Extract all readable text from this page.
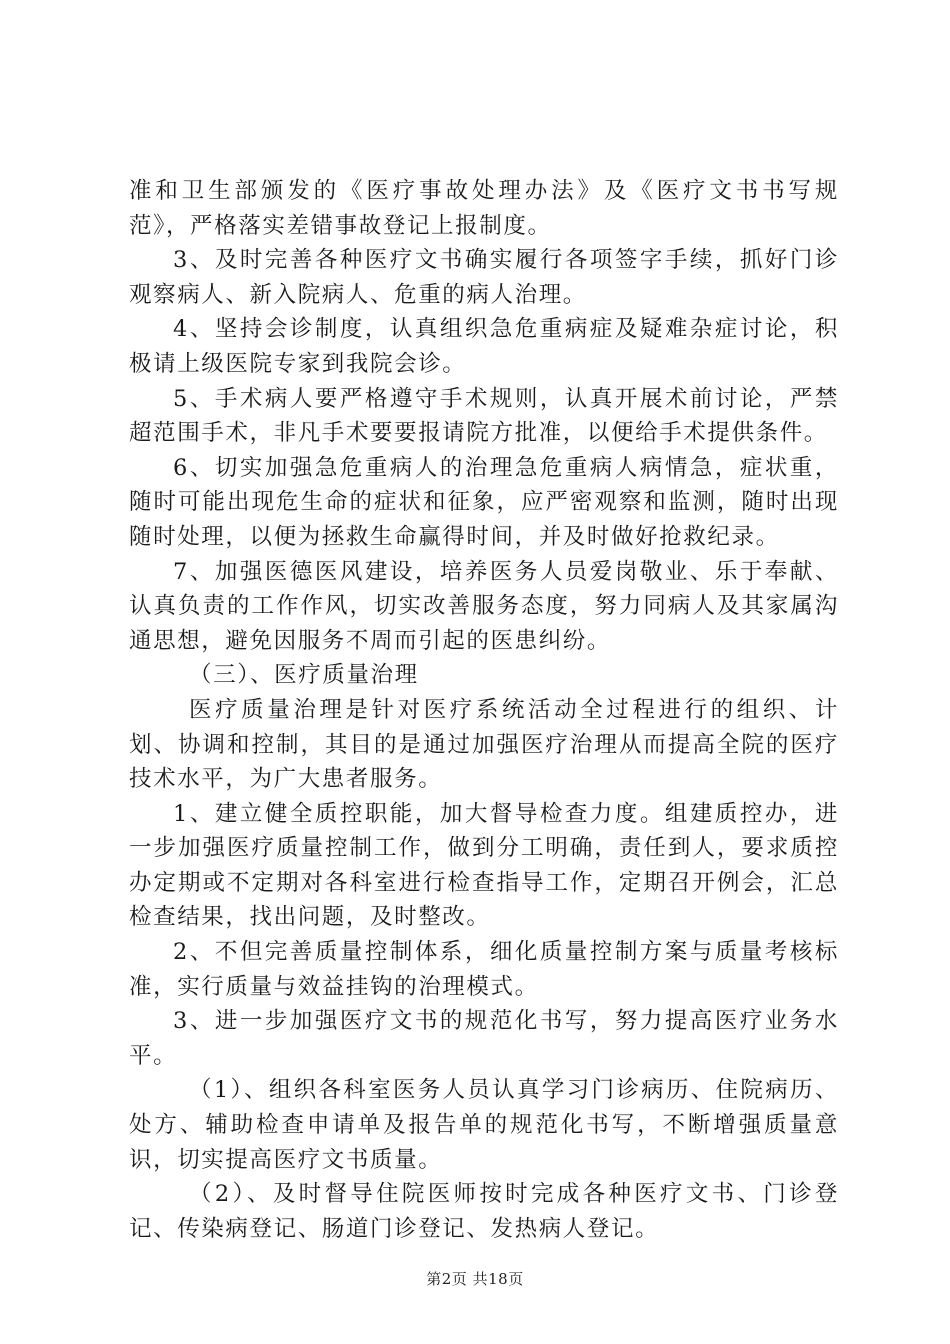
准和卫生部颁发的《医疗事故处理办法》及《医疗文书书写规范》，严格落实差错事故登记上报制度。

3、及时完善各种医疗文书确实履行各项签字手续，抓好门诊观察病人、新入院病人、危重的病人治理。

4、坚持会诊制度，认真组织急危重病症及疑难杂症讨论，积极请上级医院专家到我院会诊。

5、手术病人要严格遵守手术规则，认真开展术前讨论，严禁超范围手术，非凡手术要要报请院方批准，以便给手术提供条件。

6、切实加强急危重病人的治理急危重病人病情急，症状重，随时可能出现危生命的症状和征象，应严密观察和监测，随时出现随时处理，以便为拯救生命赢得时间，并及时做好抢救纪录。

7、加强医德医风建设，培养医务人员爱岗敬业、乐于奉献、认真负责的工作作风，切实改善服务态度，努力同病人及其家属沟通思想，避免因服务不周而引起的医患纠纷。

（三）、医疗质量治理

医疗质量治理是针对医疗系统活动全过程进行的组织、计划、协调和控制，其目的是通过加强医疗治理从而提高全院的医疗技术水平，为广大患者服务。

1、建立健全质控职能，加大督导检查力度。组建质控办，进一步加强医疗质量控制工作，做到分工明确，责任到人，要求质控办定期或不定期对各科室进行检查指导工作，定期召开例会，汇总检查结果，找出问题，及时整改。

2、不但完善质量控制体系，细化质量控制方案与质量考核标准，实行质量与效益挂钩的治理模式。

3、进一步加强医疗文书的规范化书写，努力提高医疗业务水平。

（1）、组织各科室医务人员认真学习门诊病历、住院病历、处方、辅助检查申请单及报告单的规范化书写，不断增强质量意识，切实提高医疗文书质量。

（2）、及时督导住院医师按时完成各种医疗文书、门诊登记、传染病登记、肠道门诊登记、发热病人登记。

第2页 共18页
